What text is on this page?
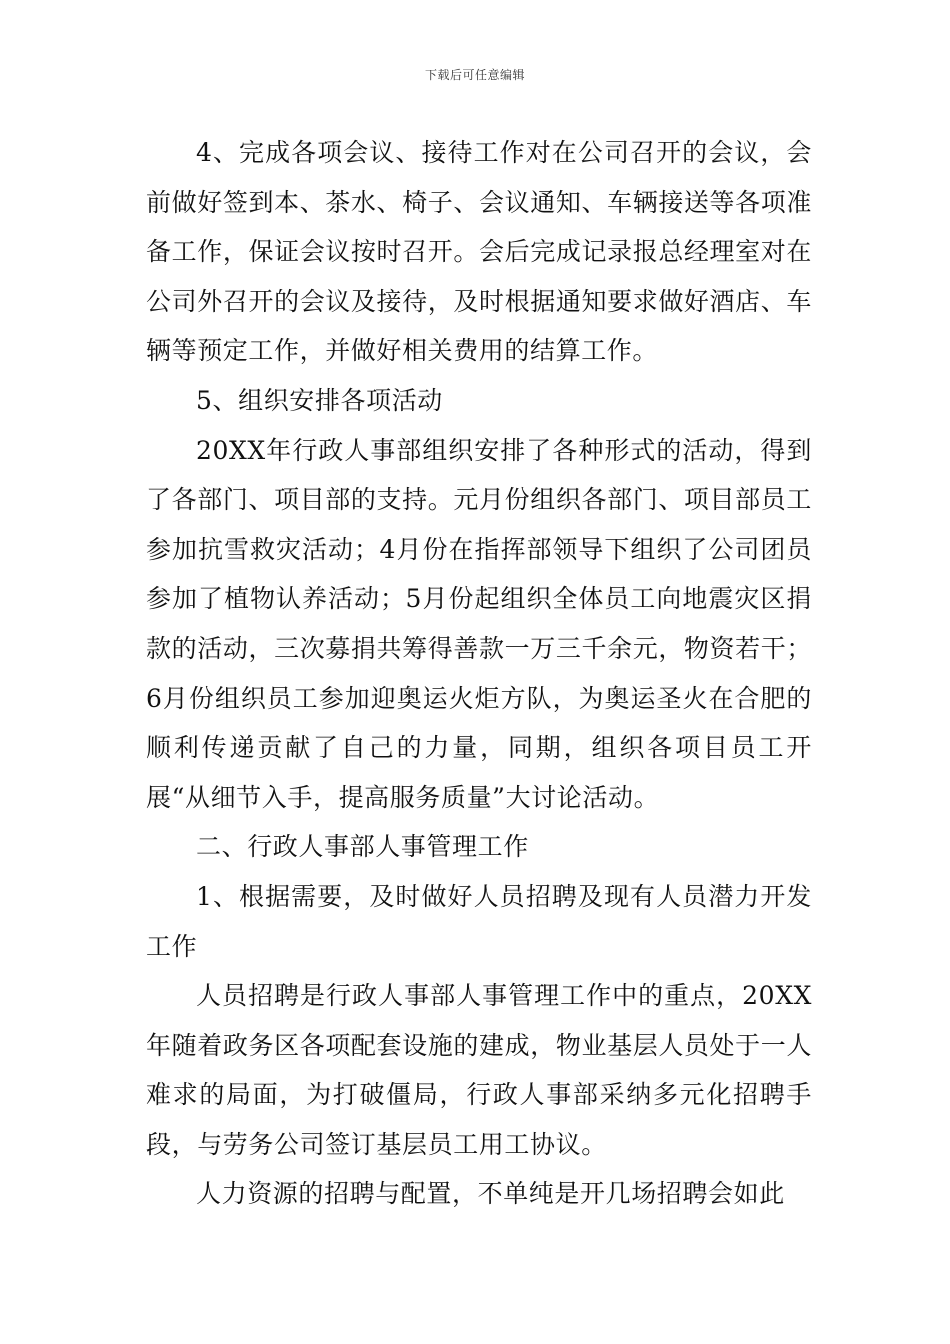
下载后可任意编辑

4、完成各项会议、接待工作对在公司召开的会议，会前做好签到本、茶水、椅子、会议通知、车辆接送等各项准备工作，保证会议按时召开。会后完成记录报总经理室对在公司外召开的会议及接待，及时根据通知要求做好酒店、车辆等预定工作，并做好相关费用的结算工作。

5、组织安排各项活动

20XX年行政人事部组织安排了各种形式的活动，得到了各部门、项目部的支持。元月份组织各部门、项目部员工参加抗雪救灾活动；4月份在指挥部领导下组织了公司团员参加了植物认养活动；5月份起组织全体员工向地震灾区捐款的活动，三次募捐共筹得善款一万三千余元，物资若干；6月份组织员工参加迎奥运火炬方队，为奥运圣火在合肥的顺利传递贡献了自己的力量，同期，组织各项目员工开展“从细节入手，提高服务质量”大讨论活动。

二、行政人事部人事管理工作

1、根据需要，及时做好人员招聘及现有人员潜力开发工作

人员招聘是行政人事部人事管理工作中的重点，20XX年随着政务区各项配套设施的建成，物业基层人员处于一人难求的局面，为打破僵局，行政人事部采纳多元化招聘手段，与劳务公司签订基层员工用工协议。

人力资源的招聘与配置，不单纯是开几场招聘会如此
